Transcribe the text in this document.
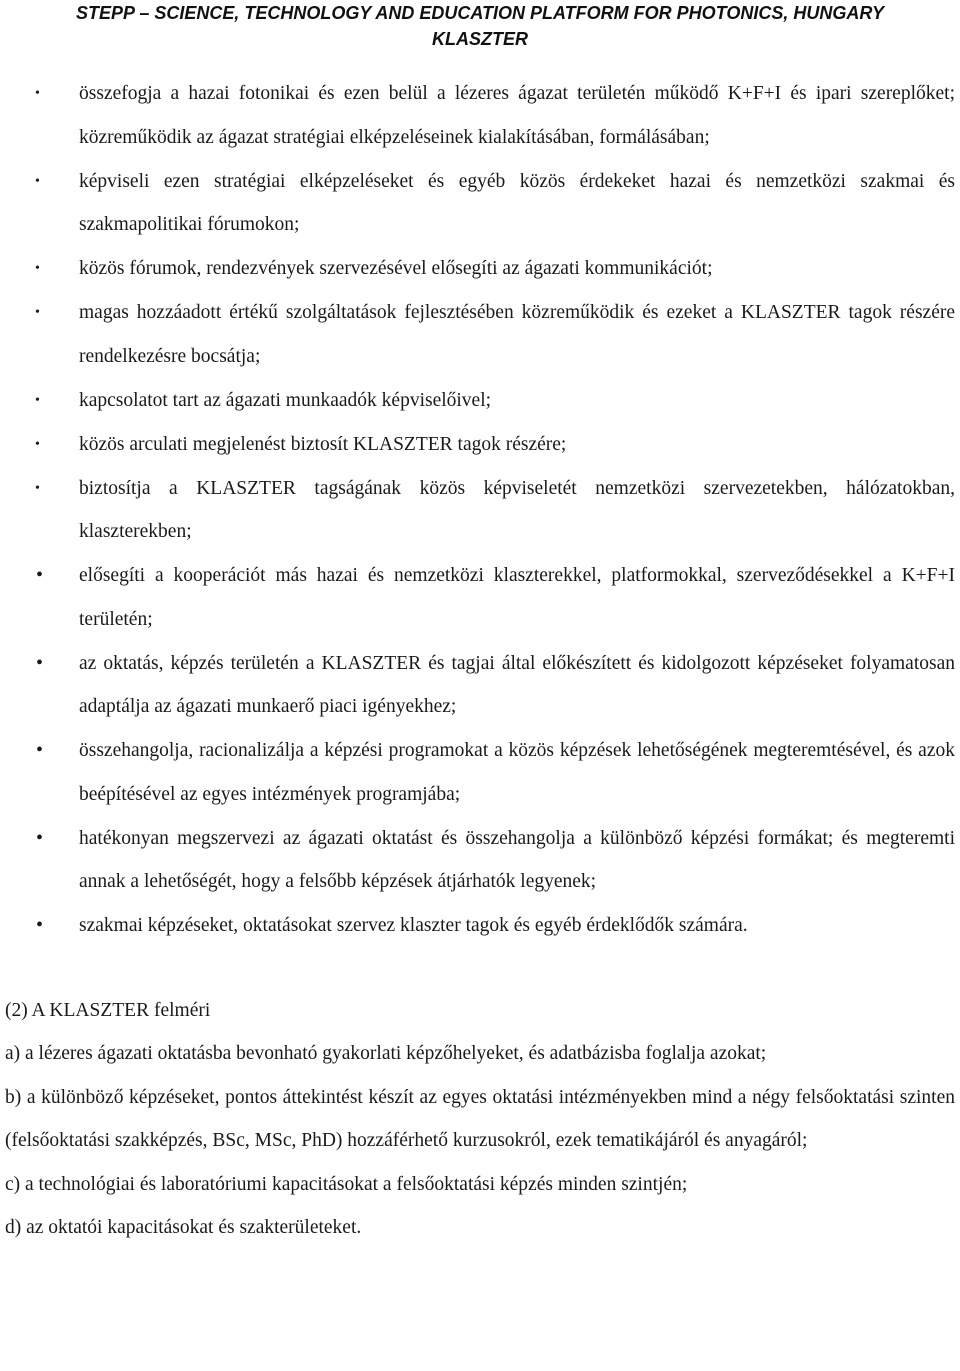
STEPP – SCIENCE, TECHNOLOGY AND EDUCATION PLATFORM FOR PHOTONICS, HUNGARY
KLASZTER
• összefogja a hazai fotonikai és ezen belül a lézeres ágazat területén működő K+F+I és ipari szereplőket; közreműködik az ágazat stratégiai elképzeléseinek kialakításában, formálásában;
• képviseli ezen stratégiai elképzeléseket és egyéb közös érdekeket hazai és nemzetközi szakmai és szakmapolitikai fórumokon;
• közös fórumok, rendezvények szervezésével elősegíti az ágazati kommunikációt;
• magas hozzáadott értékű szolgáltatások fejlesztésében közreműködik és ezeket a KLASZTER tagok részére rendelkezésre bocsátja;
• kapcsolatot tart az ágazati munkaadók képviselőivel;
• közös arculati megjelenést biztosít KLASZTER tagok részére;
• biztosítja a KLASZTER tagságának közös képviseletét nemzetközi szervezetekben, hálózatokban, klaszterekben;
• elősegíti a kooperációt más hazai és nemzetközi klaszterekkel, platformokkal, szerveződésekkel a K+F+I területén;
• az oktatás, képzés területén a KLASZTER és tagjai által előkészített és kidolgozott képzéseket folyamatosan adaptálja az ágazati munkaerő piaci igényekhez;
• összehangolja, racionalizálja a képzési programokat a közös képzések lehetőségének megteremtésével, és azok beépítésével az egyes intézmények programjába;
• hatékonyan megszervezi az ágazati oktatást és összehangolja a különböző képzési formákat; és megteremti annak a lehetőségét, hogy a felsőbb képzések átjárhatók legyenek;
• szakmai képzéseket, oktatásokat szervez klaszter tagok és egyéb érdeklődők számára.

(2) A KLASZTER felméri

a) a lézeres ágazati oktatásba bevonható gyakorlati képzőhelyeket, és adatbázisba foglalja azokat;

b) a különböző képzéseket, pontos áttekintést készít az egyes oktatási intézményekben mind a négy felsőoktatási szinten (felsőoktatási szakképzés, BSc, MSc, PhD) hozzáférhető kurzusokról, ezek tematikájáról és anyagáról;

c) a technológiai és laboratóriumi kapacitásokat a felsőoktatási képzés minden szintjén;

d) az oktatói kapacitásokat és szakterületeket.
